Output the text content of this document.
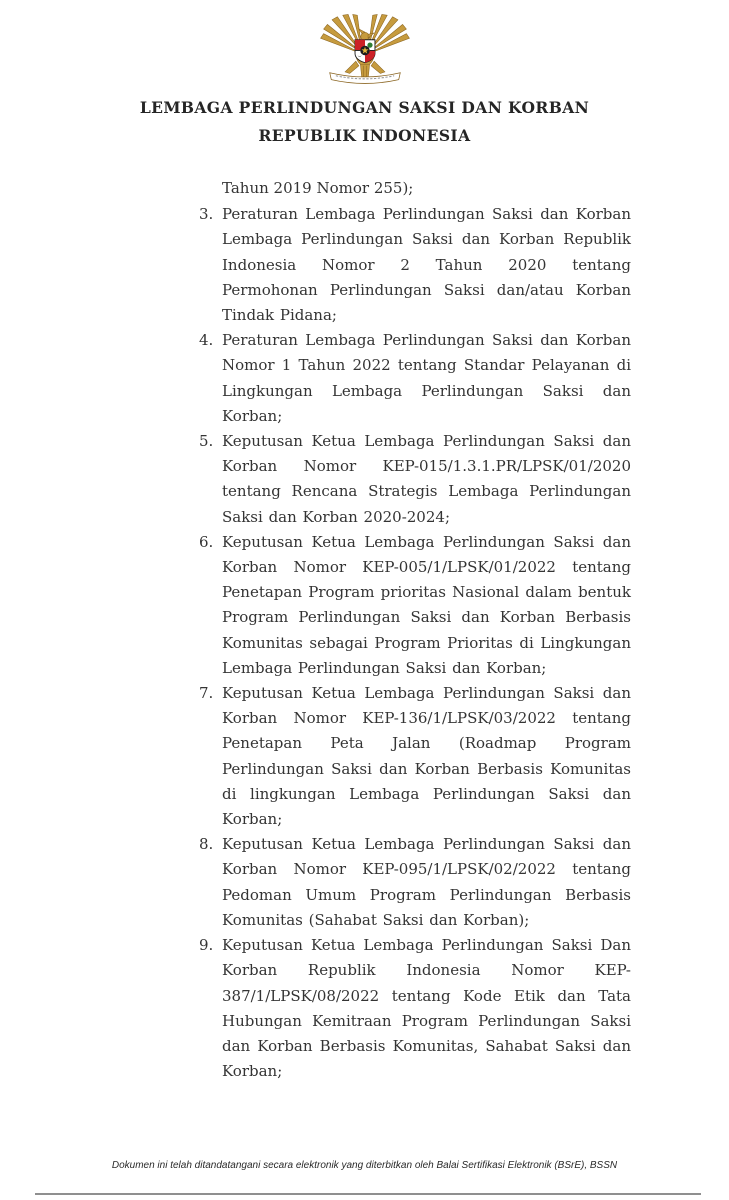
LEMBAGA PERLINDUNGAN SAKSI DAN KORBAN
REPUBLIK INDONESIA

Tahun 2019 Nomor 255);

3. Peraturan Lembaga Perlindungan Saksi dan Korban Lembaga Perlindungan Saksi dan Korban Republik Indonesia Nomor 2 Tahun 2020 tentang Permohonan Perlindungan Saksi dan/atau Korban Tindak Pidana;
4. Peraturan Lembaga Perlindungan Saksi dan Korban Nomor 1 Tahun 2022 tentang Standar Pelayanan di Lingkungan Lembaga Perlindungan Saksi dan Korban;
5. Keputusan Ketua Lembaga Perlindungan Saksi dan Korban Nomor KEP-015/1.3.1.PR/LPSK/01/2020 tentang Rencana Strategis Lembaga Perlindungan Saksi dan Korban 2020-2024;
6. Keputusan Ketua Lembaga Perlindungan Saksi dan Korban Nomor KEP-005/1/LPSK/01/2022 tentang Penetapan Program prioritas Nasional dalam bentuk Program Perlindungan Saksi dan Korban Berbasis Komunitas sebagai Program Prioritas di Lingkungan Lembaga Perlindungan Saksi dan Korban;
7. Keputusan Ketua Lembaga Perlindungan Saksi dan Korban Nomor KEP-136/1/LPSK/03/2022 tentang Penetapan Peta Jalan (Roadmap Program Perlindungan Saksi dan Korban Berbasis Komunitas di lingkungan Lembaga Perlindungan Saksi dan Korban;
8. Keputusan Ketua Lembaga Perlindungan Saksi dan Korban Nomor KEP-095/1/LPSK/02/2022 tentang Pedoman Umum Program Perlindungan Berbasis Komunitas (Sahabat Saksi dan Korban);
9. Keputusan Ketua Lembaga Perlindungan Saksi Dan Korban Republik Indonesia Nomor KEP-387/1/LPSK/08/2022 tentang Kode Etik dan Tata Hubungan Kemitraan Program Perlindungan Saksi dan Korban Berbasis Komunitas, Sahabat Saksi dan Korban;
Dokumen ini telah ditandatangani secara elektronik yang diterbitkan oleh Balai Sertifikasi Elektronik (BSrE), BSSN
